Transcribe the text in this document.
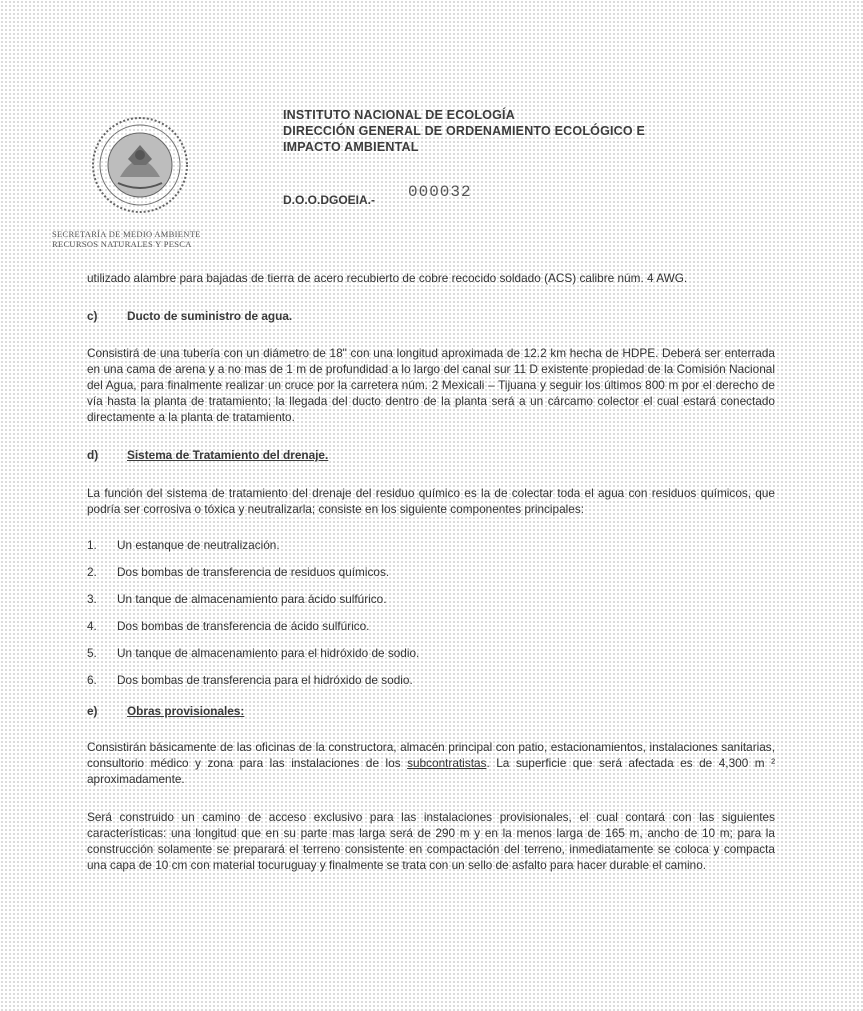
SECRETARÍA DE MEDIO AMBIENTE
RECURSOS NATURALES Y PESCA
INSTITUTO NACIONAL DE ECOLOGÍA
DIRECCIÓN GENERAL DE ORDENAMIENTO ECOLÓGICO E
IMPACTO AMBIENTAL
D.O.O.DGOEIA.- 000032

utilizado alambre para bajadas de tierra de acero recubierto de cobre recocido soldado (ACS) calibre núm. 4 AWG.

c)	Ducto de suministro de agua.

Consistirá de una tubería con un diámetro de 18" con una longitud aproximada de 12.2 km hecha de HDPE. Deberá ser enterrada en una cama de arena y a no mas de 1 m de profundidad a lo largo del canal sur 11 D existente propiedad de la Comisión Nacional del Agua, para finalmente realizar un cruce por la carretera núm. 2 Mexicali – Tijuana y seguir los últimos 800 m por el derecho de vía hasta la planta de tratamiento; la llegada del ducto dentro de la planta será a un cárcamo colector el cual estará conectado directamente a la planta de tratamiento.

d)	Sistema de Tratamiento del drenaje.

La función del sistema de tratamiento del drenaje del residuo químico es la de colectar toda el agua con residuos químicos, que podría ser corrosiva o tóxica y neutralizarla; consiste en los siguiente componentes principales:

1.	Un estanque de neutralización.
2.	Dos bombas de transferencia de residuos químicos.
3.	Un tanque de almacenamiento para ácido sulfúrico.
4.	Dos bombas de transferencia de ácido sulfúrico.
5.	Un tanque de almacenamiento para el hidróxido de sodio.
6.	Dos bombas de transferencia para el hidróxido de sodio.
e)	Obras provisionales:

Consistirán básicamente de las oficinas de la constructora, almacén principal con patio, estacionamientos, instalaciones sanitarias, consultorio médico y zona para las instalaciones de los subcontratistas. La superficie que será afectada es de 4,300 m ² aproximadamente.

Será construido un camino de acceso exclusivo para las instalaciones provisionales, el cual contará con las siguientes características: una longitud que en su parte mas larga será de 290 m y en la menos larga de 165 m, ancho de 10 m; para la construcción solamente se preparará el terreno consistente en compactación del terreno, inmediatamente se coloca y compacta una capa de 10 cm con material tocuruguay y finalmente se trata con un sello de asfalto para hacer durable el camino.
